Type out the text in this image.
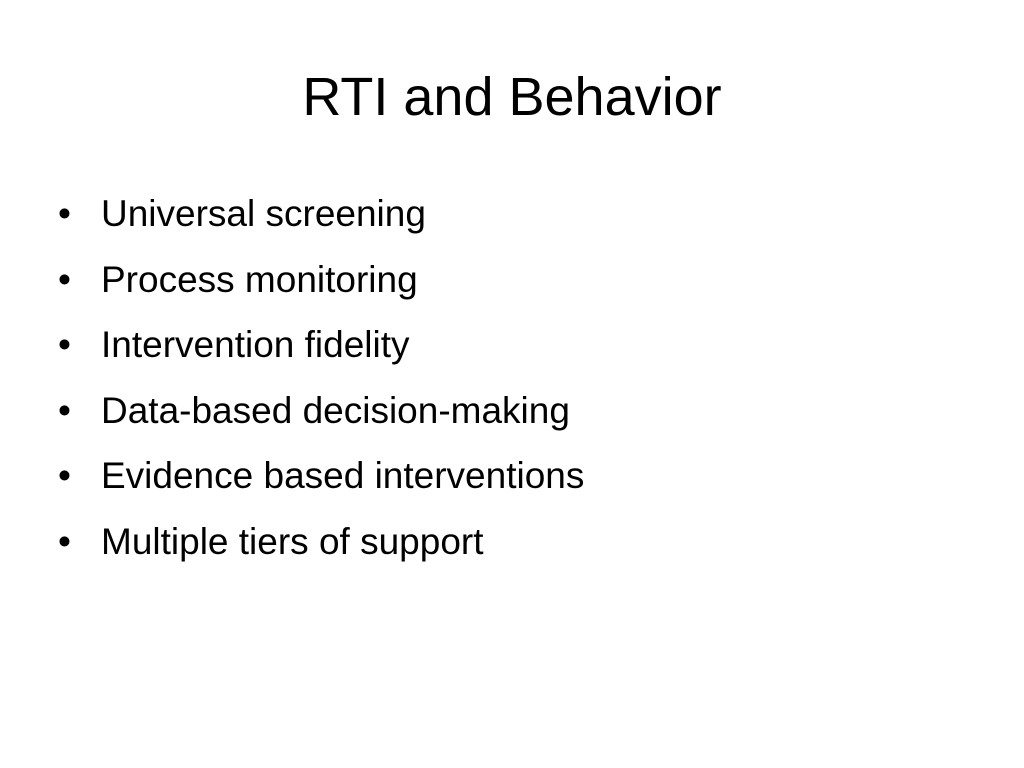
RTI and Behavior
• Universal screening
• Process monitoring
• Intervention fidelity
• Data-based decision-making
• Evidence based interventions
• Multiple tiers of support
